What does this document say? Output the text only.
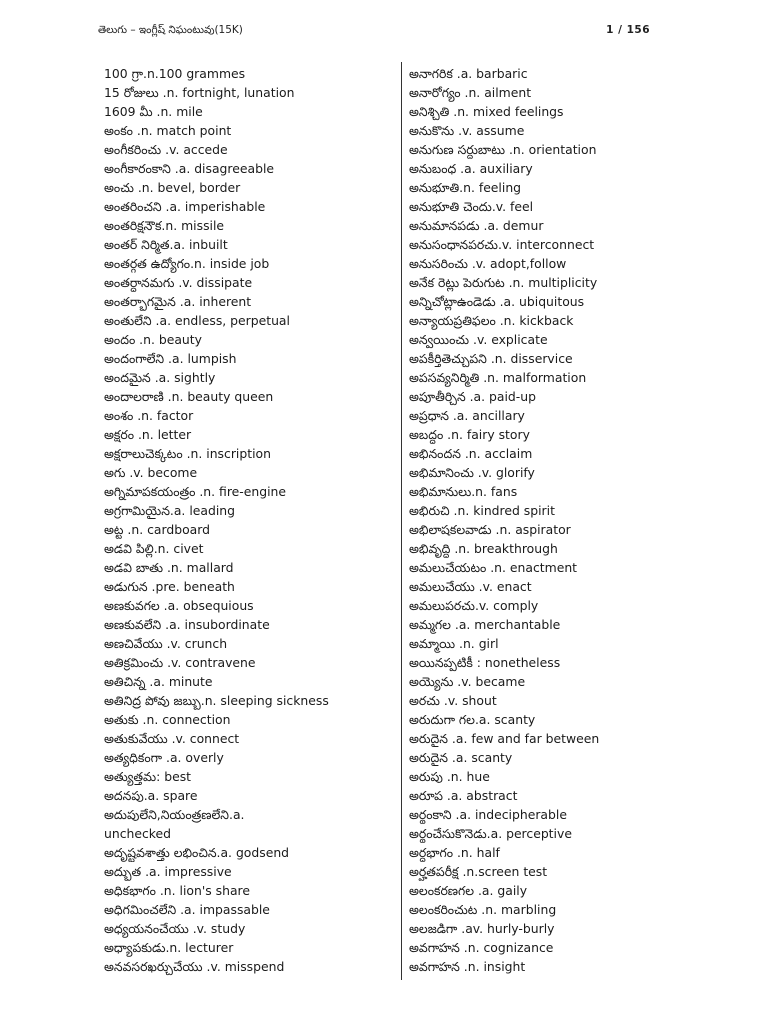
తెలుగు – ఇంగ్లీష్ నిఘంటువు(15K)	1 / 156
100 గ్రా.n.100 grammes
15 రోజులు .n. fortnight, lunation
1609 మీ .n. mile
అంకం .n. match point
అంగీకరించు .v. accede
అంగీకారంకాని .a. disagreeable
అంచు .n. bevel, border
అంతరించని .a. imperishable
అంతరిక్షనౌక.n. missile
అంతర్ నిర్మిత.a. inbuilt
అంతర్గత ఉద్యోగం.n. inside job
అంతర్ధానమగు .v. dissipate
అంతర్భాగమైన .a. inherent
అంతులేని .a. endless, perpetual
అందం .n. beauty
అందంగాలేని .a. lumpish
అందమైన .a. sightly
అందాలరాణి .n. beauty queen
అంశం .n. factor
అక్షరం .n. letter
అక్షరాలుచెక్కటం .n. inscription
అగు .v. become
అగ్నిమాపకయంత్రం .n. fire-engine
అగ్రగామియైన.a. leading
అట్ట .n. cardboard
అడవి పిల్లి.n. civet
అడవి బాతు .n. mallard
అడుగున .pre. beneath
అణకువగల .a. obsequious
అణకువలేని .a. insubordinate
అణచివేయు .v. crunch
అతిక్రమించు .v. contravene
అతిచిన్న .a. minute
అతినిద్ర పోవు జబ్బు.n. sleeping sickness
అతుకు .n. connection
అతుకువేయు .v. connect
అత్యధికంగా .a. overly
అత్యుత్తమ: best
అదనపు.a. spare
అదుపులేని,నియంత్రణలేని.a.
unchecked
అదృష్టవశాత్తు లభించిన.a. godsend
అద్భుత .a. impressive
అధికభాగం .n. lion's share
అధిగమించలేని .a. impassable
అధ్యయనంచేయు .v. study
అధ్యాపకుడు.n. lecturer
అనవసరఖర్చుచేయు .v. misspend
అనాగరిక .a. barbaric
అనారోగ్యం .n. ailment
అనిశ్చితి .n. mixed feelings
అనుకొను .v. assume
అనుగుణ సర్దుబాటు .n. orientation
అనుబంధ .a. auxiliary
అనుభూతి.n. feeling
అనుభూతి చెందు.v. feel
అనుమానపడు .a. demur
అనుసంధానపరచు.v. interconnect
అనుసరించు .v. adopt,follow
అనేక రెట్లు పెరుగుట .n. multiplicity
అన్నిచోట్లాఉండెడు .a. ubiquitous
అన్యాయప్రతిఫలం .n. kickback
అన్వయించు .v. explicate
అపకీర్తితెచ్చుపని .n. disservice
అపసవ్యనిర్మితి .n. malformation
అపూతీర్చిన .a. paid-up
అప్రధాన .a. ancillary
అబద్ధం .n. fairy story
అభినందన .n. acclaim
అభిమానించు .v. glorify
అభిమానులు.n. fans
అభిరుచి .n. kindred spirit
అభిలాషకలవాడు .n. aspirator
అభివృద్ధి .n. breakthrough
అమలుచేయటం .n. enactment
అమలుచేయు .v. enact
అమలుపరచు.v. comply
అమ్మగల .a. merchantable
అమ్మాయి .n. girl
అయినప్పటికీ : nonetheless
అయ్యెను .v. became
అరచు .v. shout
అరుదుగా గల.a. scanty
అరుదైన .a. few and far between
అరుదైన .a. scanty
అరుపు .n. hue
అరూప .a. abstract
అర్థంకాని .a. indecipherable
అర్థంచేసుకొనెడు.a. perceptive
అర్ధభాగం .n. half
అర్హతపరీక్ష .n.screen test
అలంకరణగల .a. gaily
అలంకరించుట .n. marbling
అలజడిగా .av. hurly-burly
అవగాహన .n. cognizance
అవగాహన .n. insight
